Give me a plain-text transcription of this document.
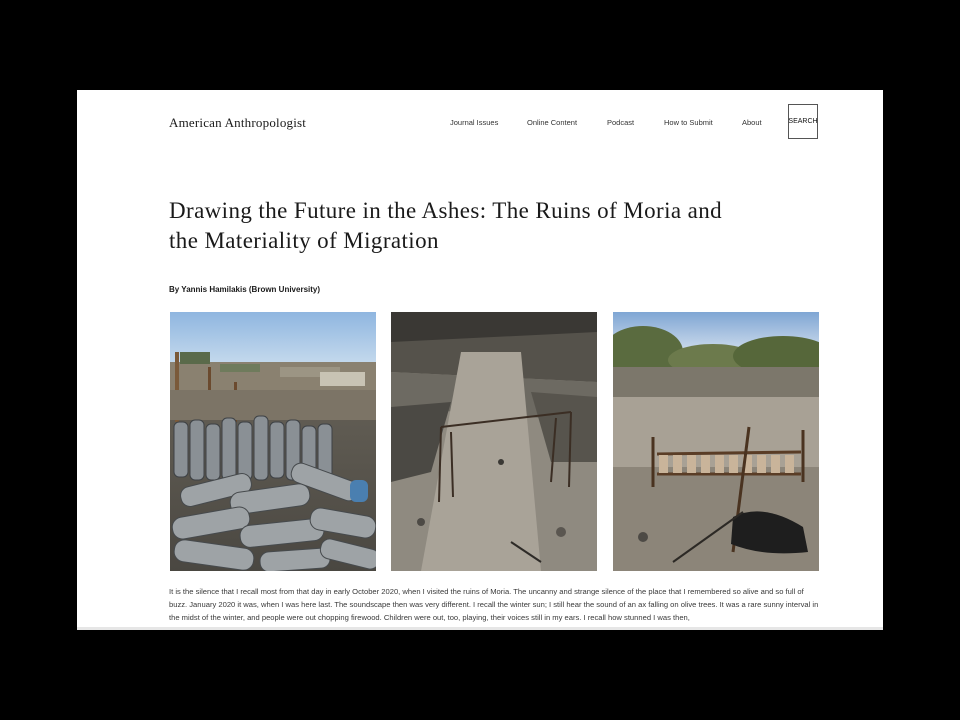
American Anthropologist	Journal Issues	Online Content	Podcast	How to Submit	About	SEARCH
Drawing the Future in the Ashes: The Ruins of Moria and
the Materiality of Migration
By Yannis Hamilakis (Brown University)

It is the silence that I recall most from that day in early October 2020, when I visited the ruins of Moria. The uncanny and strange silence of the place that I remembered so alive and so full of buzz. January 2020 it was, when I was here last. The soundscape then was very different. I recall the winter sun; I still hear the sound of an ax falling on olive trees. It was a rare sunny interval in the midst of the winter, and people were out chopping firewood. Children were out, too, playing, their voices still in my ears. I recall how stunned I was then,
